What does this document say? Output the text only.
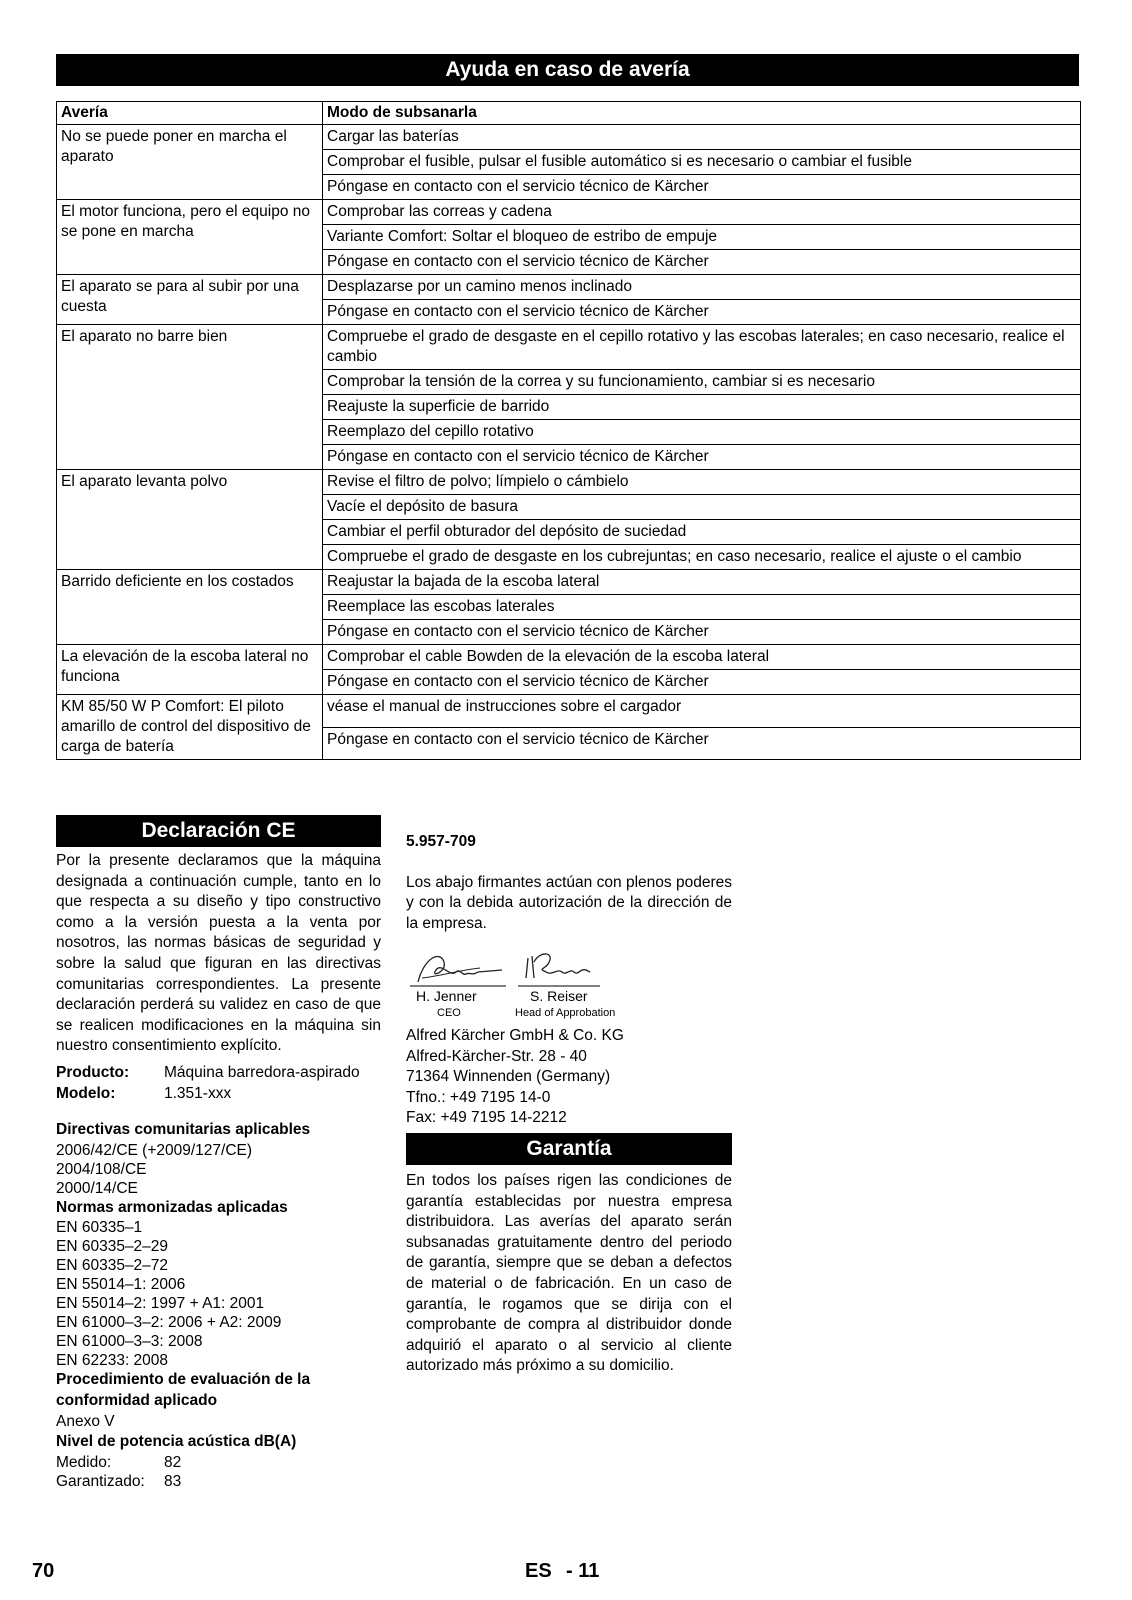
Ayuda en caso de avería
Avería	Modo de subsanarla
No se puede poner en marcha el aparato	Cargar las baterías
	Comprobar el fusible, pulsar el fusible automático si es necesario o cambiar el fusible
	Póngase en contacto con el servicio técnico de Kärcher
El motor funciona, pero el equipo no se pone en marcha	Comprobar las correas y cadena
	Variante Comfort: Soltar el bloqueo de estribo de empuje
	Póngase en contacto con el servicio técnico de Kärcher
El aparato se para al subir por una cuesta	Desplazarse por un camino menos inclinado
	Póngase en contacto con el servicio técnico de Kärcher
El aparato no barre bien	Compruebe el grado de desgaste en el cepillo rotativo y las escobas laterales; en caso necesario, realice el cambio
	Comprobar la tensión de la correa y su funcionamiento, cambiar si es necesario
	Reajuste la superficie de barrido
	Reemplazo del cepillo rotativo
	Póngase en contacto con el servicio técnico de Kärcher
El aparato levanta polvo	Revise el filtro de polvo; límpielo o cámbielo
	Vacíe el depósito de basura
	Cambiar el perfil obturador del depósito de suciedad
	Compruebe el grado de desgaste en los cubrejuntas; en caso necesario, realice el ajuste o el cambio
Barrido deficiente en los costados	Reajustar la bajada de la escoba lateral
	Reemplace las escobas laterales
	Póngase en contacto con el servicio técnico de Kärcher
La elevación de la escoba lateral no funciona	Comprobar el cable Bowden de la elevación de la escoba lateral
	Póngase en contacto con el servicio técnico de Kärcher
KM 85/50 W P Comfort: El piloto amarillo de control del dispositivo de carga de batería	véase el manual de instrucciones sobre el cargador
	Póngase en contacto con el servicio técnico de Kärcher
Declaración CE
Por la presente declaramos que la máquina designada a continuación cumple, tanto en lo que respecta a su diseño y tipo constructivo como a la versión puesta a la venta por nosotros, las normas básicas de seguridad y sobre la salud que figuran en las directivas comunitarias correspondientes. La presente declaración perderá su validez en caso de que se realicen modificaciones en la máquina sin nuestro consentimiento explícito.
Producto:	Máquina barredora-aspirado
Modelo:	1.351-xxx
Directivas comunitarias aplicables
2006/42/CE (+2009/127/CE)
2004/108/CE
2000/14/CE
Normas armonizadas aplicadas
EN 60335–1
EN 60335–2–29
EN 60335–2–72
EN 55014–1: 2006
EN 55014–2: 1997 + A1: 2001
EN 61000–3–2: 2006 + A2: 2009
EN 61000–3–3: 2008
EN 62233: 2008
Procedimiento de evaluación de la conformidad aplicado
Anexo V
Nivel de potencia acústica dB(A)
Medido:	82
Garantizado:	83
5.957-709
Los abajo firmantes actúan con plenos poderes y con la debida autorización de la dirección de la empresa.
H. Jenner	S. Reiser
CEO	Head of Approbation
Alfred Kärcher GmbH & Co. KG
Alfred-Kärcher-Str. 28 - 40
71364 Winnenden (Germany)
Tfno.: +49 7195 14-0
Fax: +49 7195 14-2212
Garantía
En todos los países rigen las condiciones de garantía establecidas por nuestra empresa distribuidora. Las averías del aparato serán subsanadas gratuitamente dentro del periodo de garantía, siempre que se deban a defectos de material o de fabricación. En un caso de garantía, le rogamos que se dirija con el comprobante de compra al distribuidor donde adquirió el aparato o al servicio al cliente autorizado más próximo a su domicilio.
70	ES - 11
